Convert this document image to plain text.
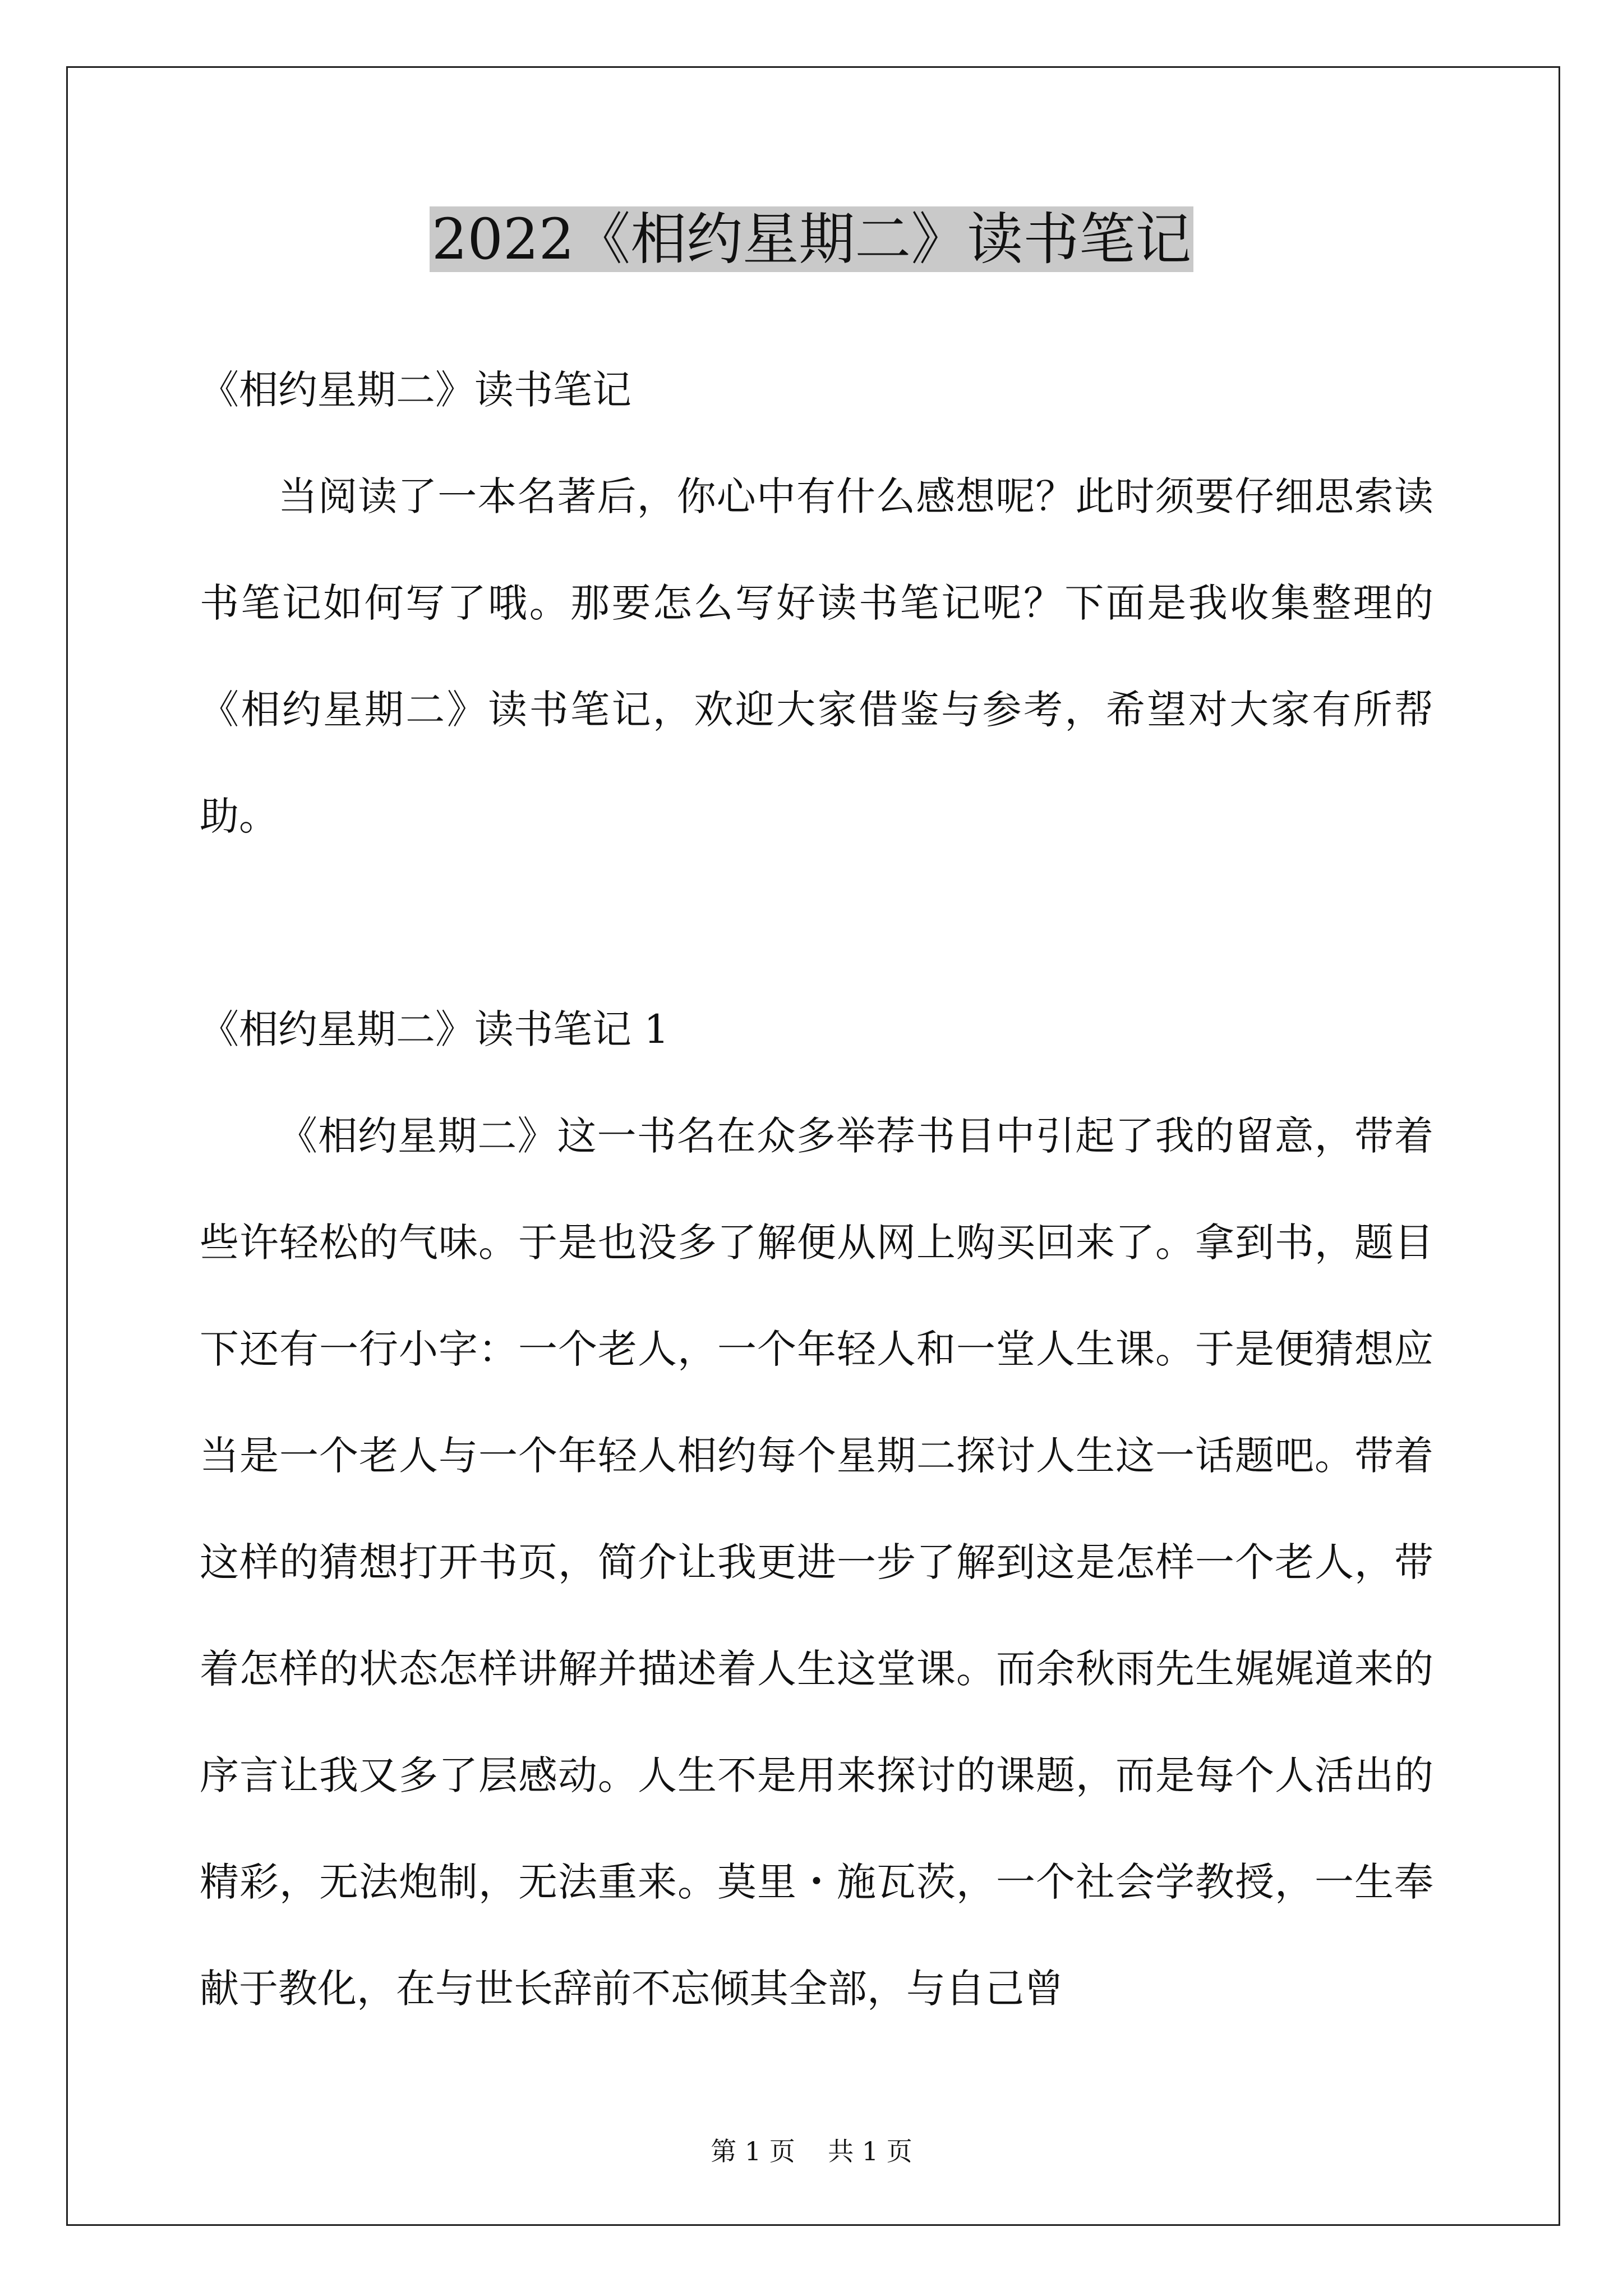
2022《相约星期二》读书笔记

《相约星期二》读书笔记

当阅读了一本名著后，你心中有什么感想呢？此时须要仔细思索读书笔记如何写了哦。那要怎么写好读书笔记呢？下面是我收集整理的《相约星期二》读书笔记，欢迎大家借鉴与参考，希望对大家有所帮助。

《相约星期二》读书笔记 1

《相约星期二》这一书名在众多举荐书目中引起了我的留意，带着些许轻松的气味。于是也没多了解便从网上购买回来了。拿到书，题目下还有一行小字：一个老人，一个年轻人和一堂人生课。于是便猜想应当是一个老人与一个年轻人相约每个星期二探讨人生这一话题吧。带着这样的猜想打开书页，简介让我更进一步了解到这是怎样一个老人，带着怎样的状态怎样讲解并描述着人生这堂课。而余秋雨先生娓娓道来的序言让我又多了层感动。人生不是用来探讨的课题，而是每个人活出的精彩，无法炮制，无法重来。莫里・施瓦茨，一个社会学教授，一生奉献于教化，在与世长辞前不忘倾其全部，与自己曾

第 1 页    共 1 页
